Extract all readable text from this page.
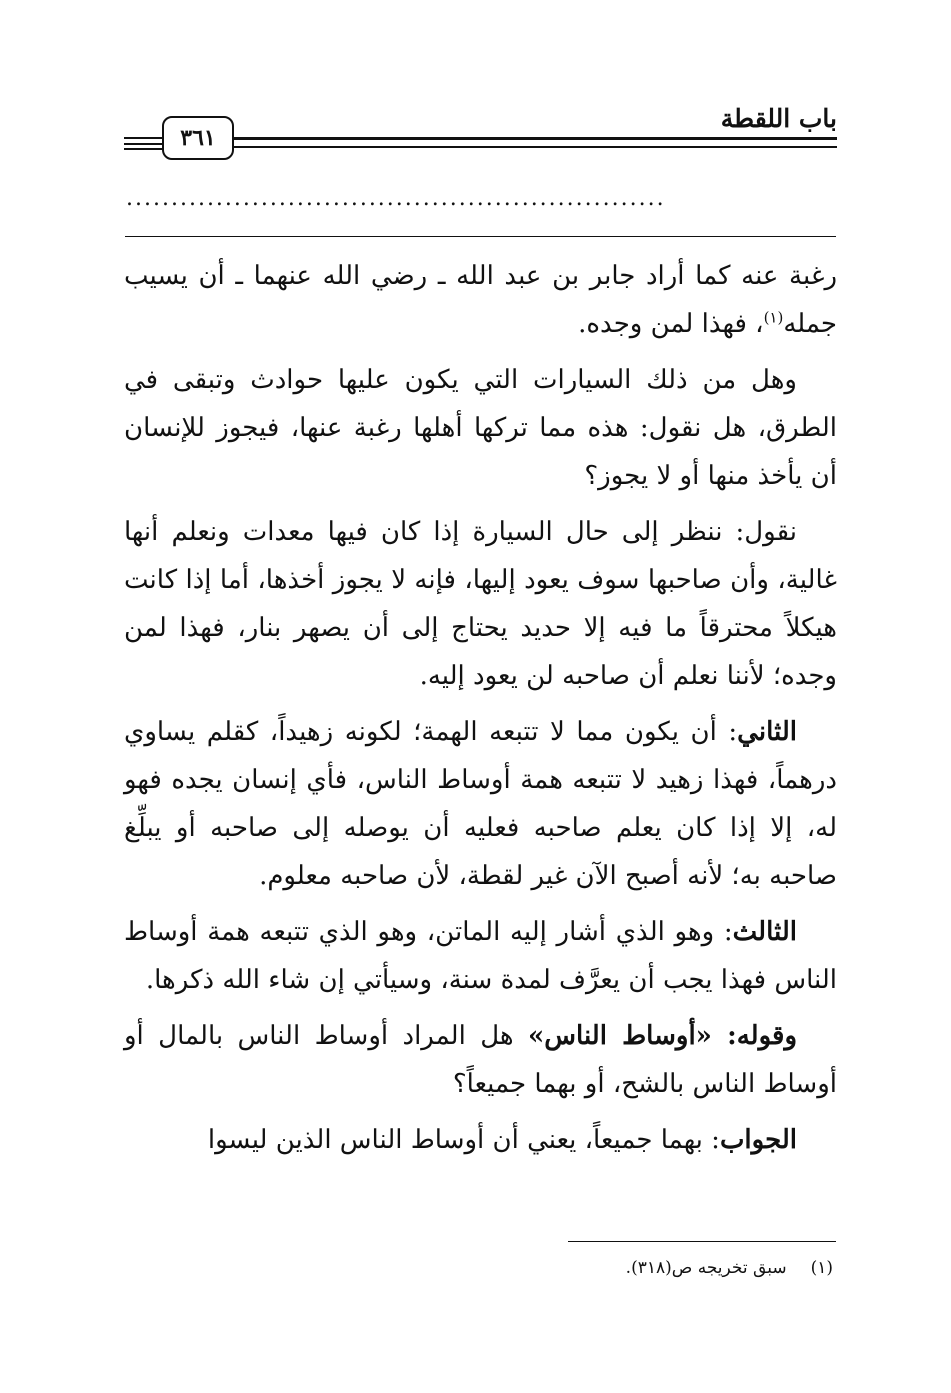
باب اللقطة
٣٦١

............................................................

رغبة عنه كما أراد جابر بن عبد الله ـ رضي الله عنهما ـ أن يسيب جمله$^{(١)}$، فهذا لمن وجده.

وهل من ذلك السيارات التي يكون عليها حوادث وتبقى في الطرق، هل نقول: هذه مما تركها أهلها رغبة عنها، فيجوز للإنسان أن يأخذ منها أو لا يجوز؟

نقول: ننظر إلى حال السيارة إذا كان فيها معدات ونعلم أنها غالية، وأن صاحبها سوف يعود إليها، فإنه لا يجوز أخذها، أما إذا كانت هيكلاً محترقاً ما فيه إلا حديد يحتاج إلى أن يصهر بنار، فهذا لمن وجده؛ لأننا نعلم أن صاحبه لن يعود إليه.

الثاني: أن يكون مما لا تتبعه الهمة؛ لكونه زهيداً، كقلم يساوي درهماً، فهذا زهيد لا تتبعه همة أوساط الناس، فأي إنسان يجده فهو له، إلا إذا كان يعلم صاحبه فعليه أن يوصله إلى صاحبه أو يبلِّغ صاحبه به؛ لأنه أصبح الآن غير لقطة، لأن صاحبه معلوم.

الثالث: وهو الذي أشار إليه الماتن، وهو الذي تتبعه همة أوساط الناس فهذا يجب أن يعرَّف لمدة سنة، وسيأتي إن شاء الله ذكرها.

وقوله: «أوساط الناس» هل المراد أوساط الناس بالمال أو أوساط الناس بالشح، أو بهما جميعاً؟

الجواب: بهما جميعاً، يعني أن أوساط الناس الذين ليسوا

(١)سبق تخريجه ص(٣١٨).
